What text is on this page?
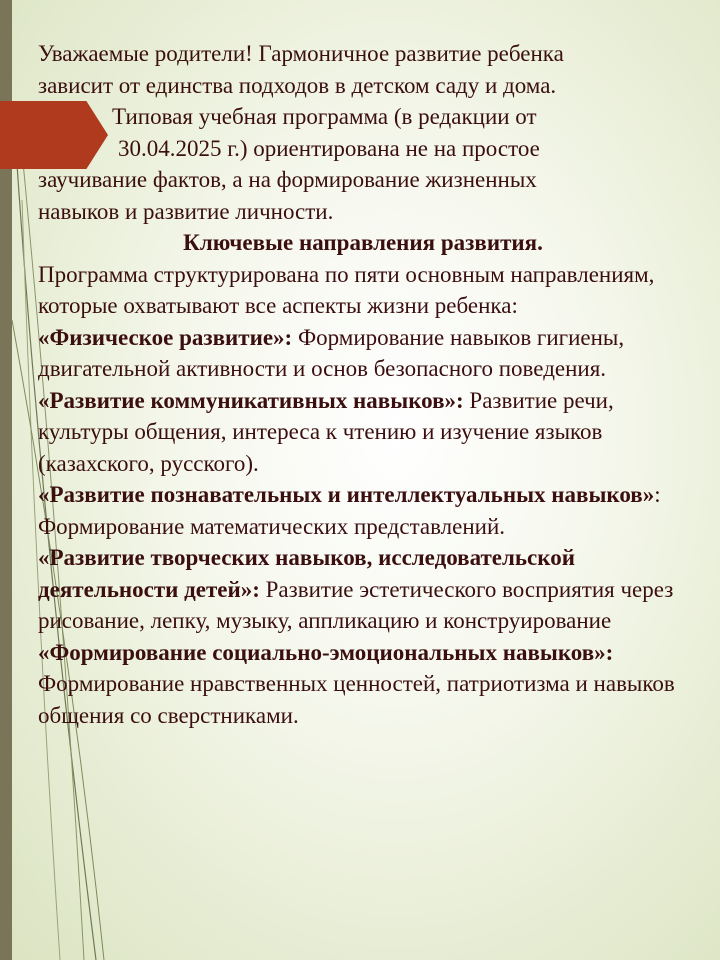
Уважаемые родители! Гармоничное развитие ребенка

зависит от единства подходов в детском саду и дома.

Типовая учебная программа (в редакции от

30.04.2025 г.) ориентирована не на простое

заучивание фактов, а на формирование жизненных

навыков и развитие личности.

Ключевые направления развития.

Программа структурирована по пяти основным направлениям, которые охватывают все аспекты жизни ребенка:

«Физическое развитие»: Формирование навыков гигиены, двигательной активности и основ безопасного поведения.

«Развитие коммуникативных навыков»: Развитие речи, культуры общения, интереса к чтению и изучение языков (казахского, русского).

«Развитие познавательных и интеллектуальных навыков»: Формирование математических представлений.

«Развитие творческих навыков, исследовательской деятельности детей»: Развитие эстетического восприятия через рисование, лепку, музыку, аппликацию и конструирование

«Формирование социально-эмоциональных навыков»: Формирование нравственных ценностей, патриотизма и навыков общения со сверстниками.
